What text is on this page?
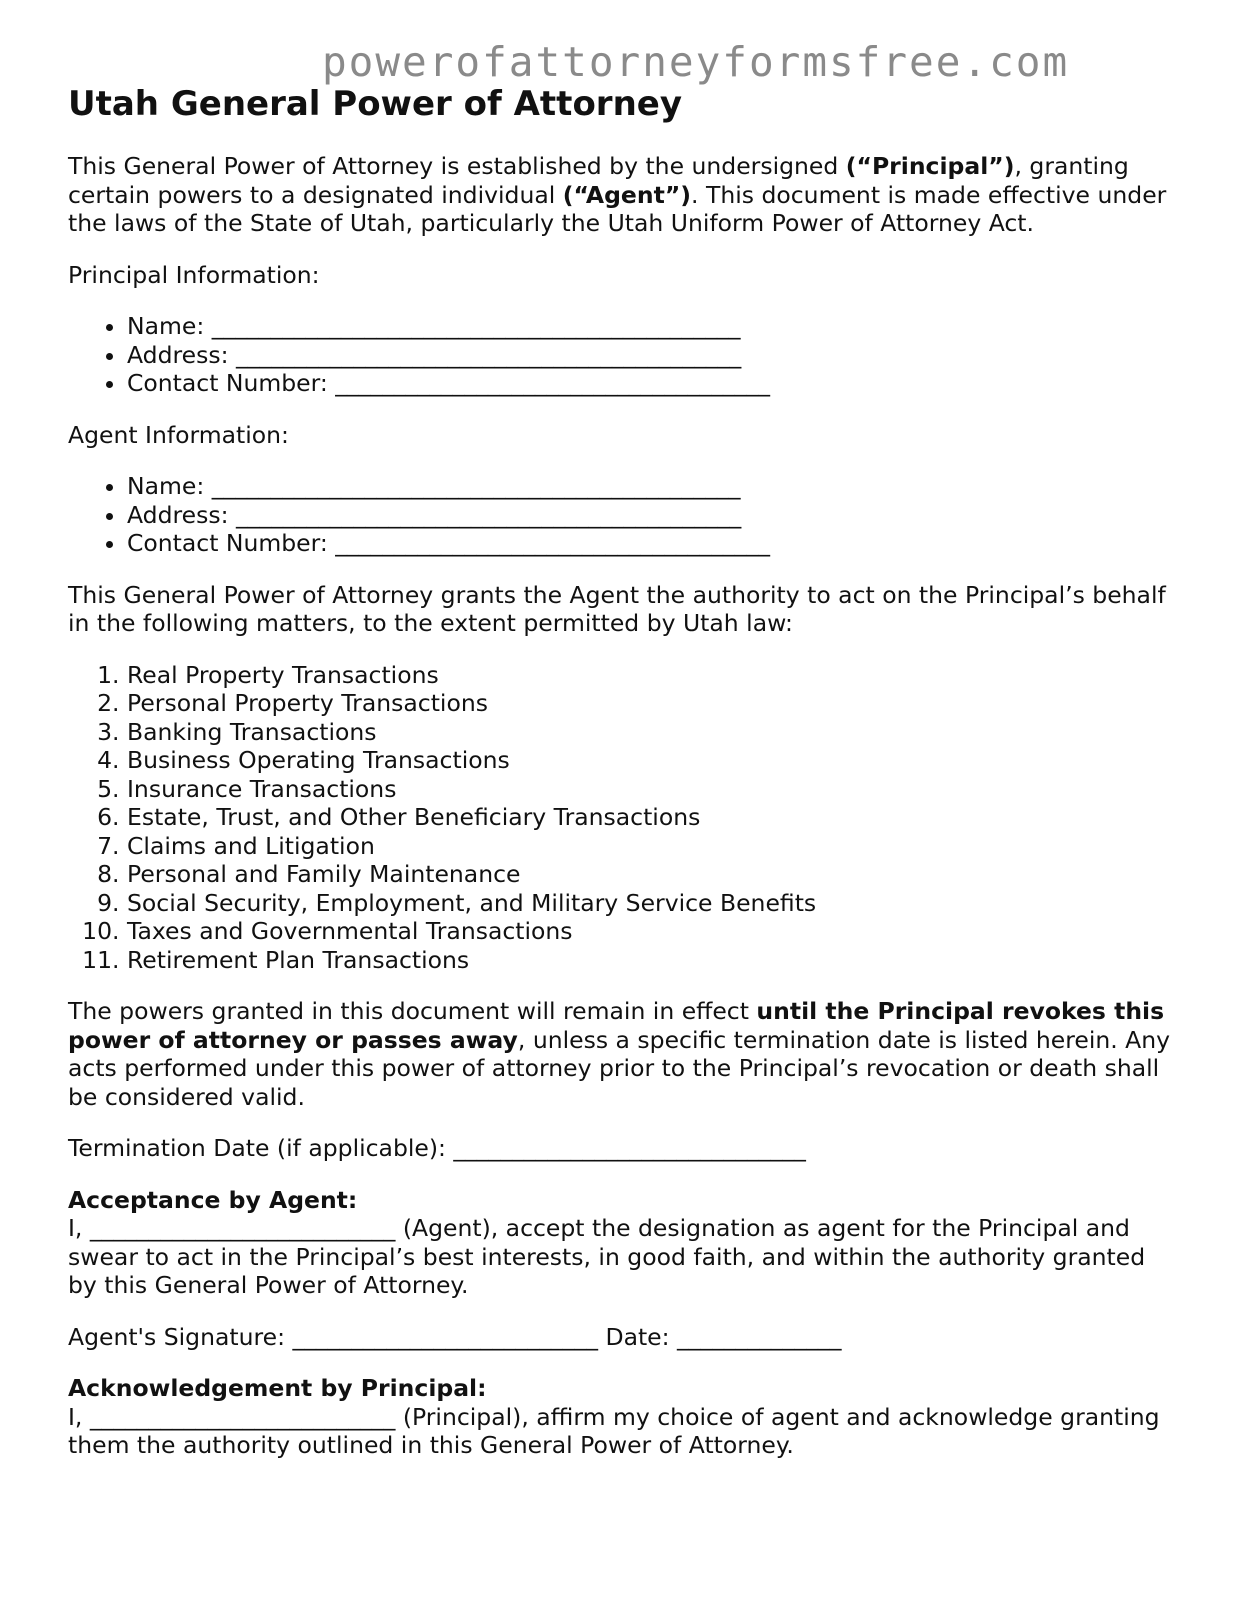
powerofattorneyformsfree.com
Utah General Power of Attorney

This General Power of Attorney is established by the undersigned (“Principal”), granting certain powers to a designated individual (“Agent”). This document is made effective under the laws of the State of Utah, particularly the Utah Uniform Power of Attorney Act.

Principal Information:

• Name: _____________________________________________
• Address: ___________________________________________
• Contact Number: _____________________________________

Agent Information:

• Name: _____________________________________________
• Address: ___________________________________________
• Contact Number: _____________________________________

This General Power of Attorney grants the Agent the authority to act on the Principal’s behalf in the following matters, to the extent permitted by Utah law:

1. Real Property Transactions
2. Personal Property Transactions
3. Banking Transactions
4. Business Operating Transactions
5. Insurance Transactions
6. Estate, Trust, and Other Beneficiary Transactions
7. Claims and Litigation
8. Personal and Family Maintenance
9. Social Security, Employment, and Military Service Benefits
10. Taxes and Governmental Transactions
11. Retirement Plan Transactions

The powers granted in this document will remain in effect until the Principal revokes this power of attorney or passes away, unless a specific termination date is listed herein. Any acts performed under this power of attorney prior to the Principal’s revocation or death shall be considered valid.

Termination Date (if applicable): ______________________________

Acceptance by Agent:
I, __________________________ (Agent), accept the designation as agent for the Principal and swear to act in the Principal’s best interests, in good faith, and within the authority granted by this General Power of Attorney.

Agent's Signature: __________________________ Date: ______________

Acknowledgement by Principal:
I, __________________________ (Principal), affirm my choice of agent and acknowledge granting them the authority outlined in this General Power of Attorney.
